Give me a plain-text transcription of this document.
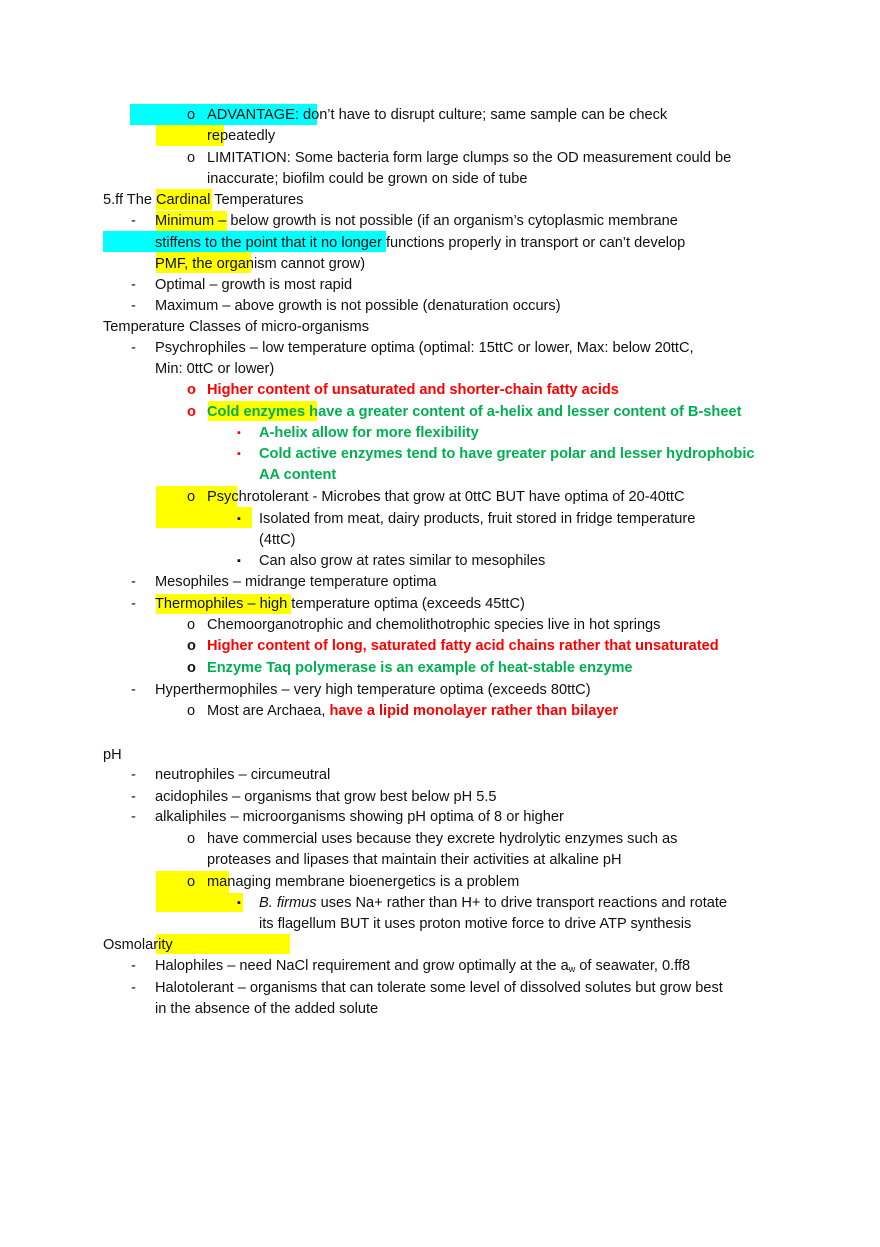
o ADVANTAGE: don’t have to disrupt culture; same sample can be check
repeatedly
o LIMITATION: Some bacteria form large clumps so the OD measurement could be
inaccurate; biofilm could be grown on side of tube
5.ff The Cardinal Temperatures
- Minimum – below growth is not possible (if an organism’s cytoplasmic membrane
stiffens to the point that it no longer functions properly in transport or can’t develop
PMF, the organism cannot grow)
- Optimal – growth is most rapid
- Maximum – above growth is not possible (denaturation occurs)
Temperature Classes of micro-organisms
- Psychrophiles – low temperature optima (optimal: 15ttC or lower, Max: below 20ttC,
Min: 0ttC or lower)
o Higher content of unsaturated and shorter-chain fatty acids
o Cold enzymes have a greater content of a-helix and lesser content of B-sheet
▪ A-helix allow for more flexibility
▪ Cold active enzymes tend to have greater polar and lesser hydrophobic
AA content
o Psychrotolerant - Microbes that grow at 0ttC BUT have optima of 20-40ttC
▪ Isolated from meat, dairy products, fruit stored in fridge temperature
(4ttC)
▪ Can also grow at rates similar to mesophiles
- Mesophiles – midrange temperature optima
- Thermophiles – high temperature optima (exceeds 45ttC)
o Chemoorganotrophic and chemolithotrophic species live in hot springs
o Higher content of long, saturated fatty acid chains rather that unsaturated
o Enzyme Taq polymerase is an example of heat-stable enzyme
- Hyperthermophiles – very high temperature optima (exceeds 80ttC)
o Most are Archaea, have a lipid monolayer rather than bilayer
pH
- neutrophiles – circumeutral
- acidophiles – organisms that grow best below pH 5.5
- alkaliphiles – microorganisms showing pH optima of 8 or higher
o have commercial uses because they excrete hydrolytic enzymes such as
proteases and lipases that maintain their activities at alkaline pH
o managing membrane bioenergetics is a problem
▪ B. firmus uses Na+ rather than H+ to drive transport reactions and rotate
its flagellum BUT it uses proton motive force to drive ATP synthesis
Osmolarity
- Halophiles – need NaCl requirement and grow optimally at the $a_w$ of seawater, 0.ff8
- Halotolerant – organisms that can tolerate some level of dissolved solutes but grow best
in the absence of the added solute
